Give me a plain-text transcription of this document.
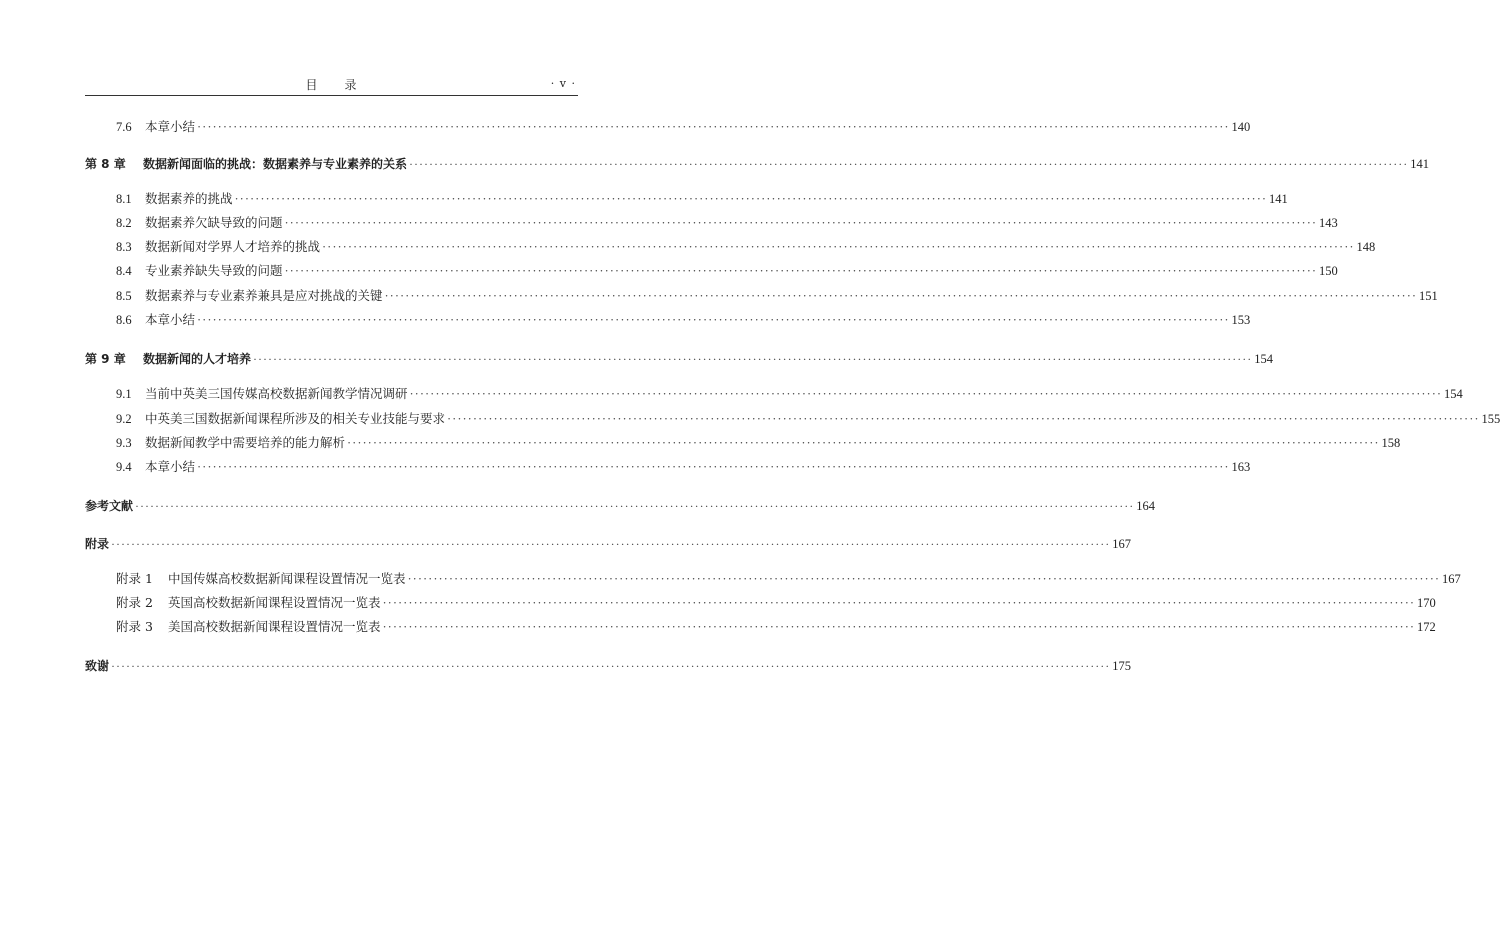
目　　录	· v ·
7.6	本章小结 ········································································································································································································ 140
第 8 章	数据新闻面临的挑战：数据素养与专业素养的关系 ········································································································································································································ 141
8.1	数据素养的挑战 ········································································································································································································ 141
8.2	数据素养欠缺导致的问题 ········································································································································································································ 143
8.3	数据新闻对学界人才培养的挑战 ········································································································································································································ 148
8.4	专业素养缺失导致的问题 ········································································································································································································ 150
8.5	数据素养与专业素养兼具是应对挑战的关键 ········································································································································································································ 151
8.6	本章小结 ········································································································································································································ 153
第 9 章	数据新闻的人才培养 ········································································································································································································ 154
9.1	当前中英美三国传媒高校数据新闻教学情况调研 ········································································································································································································ 154
9.2	中英美三国数据新闻课程所涉及的相关专业技能与要求 ········································································································································································································ 155
9.3	数据新闻教学中需要培养的能力解析 ········································································································································································································ 158
9.4	本章小结 ········································································································································································································ 163
参考文献 ········································································································································································································ 164
附录 ········································································································································································································ 167
附录 1	中国传媒高校数据新闻课程设置情况一览表 ········································································································································································································ 167
附录 2	英国高校数据新闻课程设置情况一览表 ········································································································································································································ 170
附录 3	美国高校数据新闻课程设置情况一览表 ········································································································································································································ 172
致谢 ········································································································································································································ 175
